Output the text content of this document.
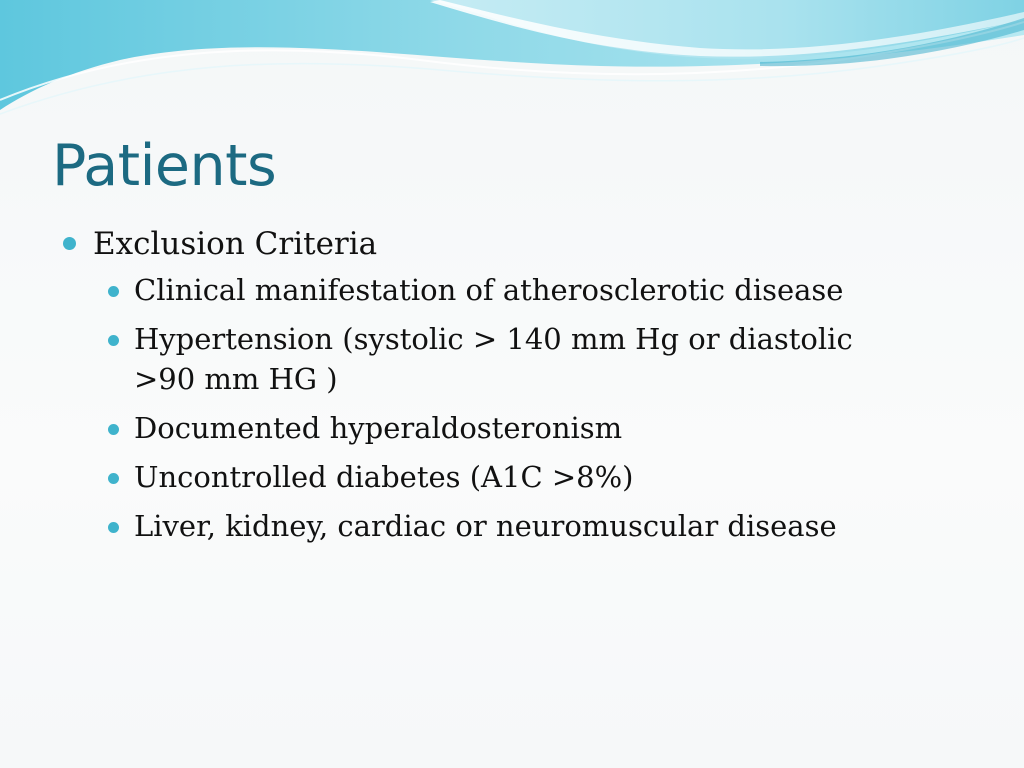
Patients
Exclusion Criteria
Clinical manifestation of atherosclerotic disease
Hypertension (systolic > 140 mm Hg or diastolic >90 mm HG )
Documented hyperaldosteronism
Uncontrolled diabetes (A1C >8%)
Liver, kidney, cardiac or neuromuscular disease
